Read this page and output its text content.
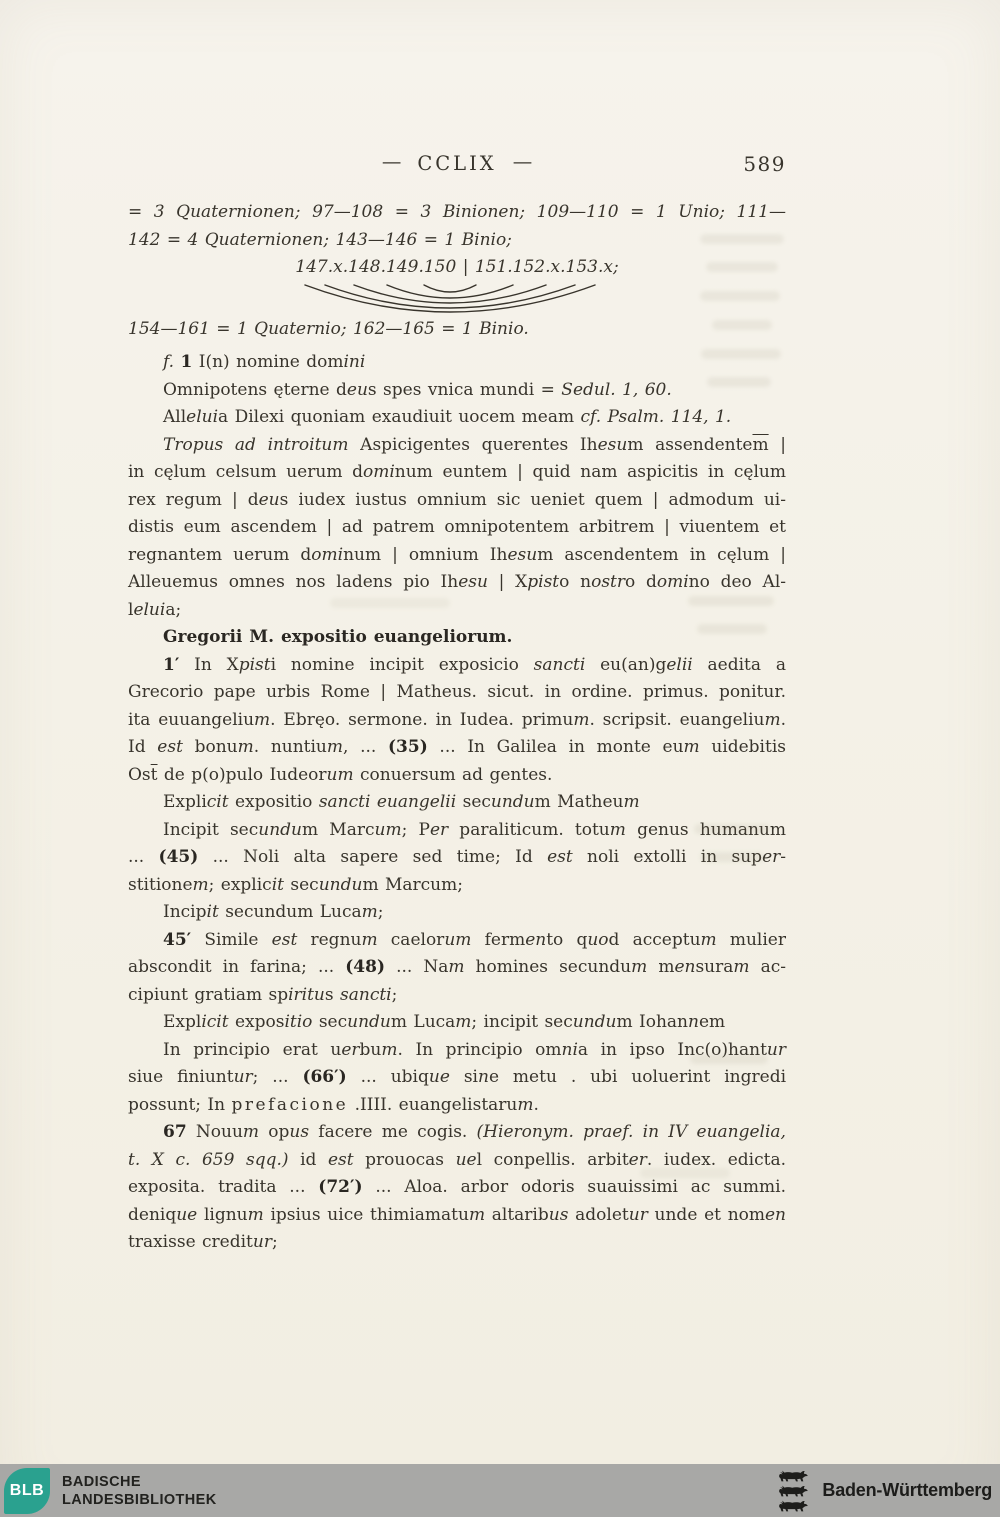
— CCLIX —	589
= 3 Quaternionen; 97—108 = 3 Binionen; 109—110 = 1 Unio; 111—
142 = 4 Quaternionen; 143—146 = 1 Binio;
147.x.148.149.150 | 151.152.x.153.x;
154—161 = 1 Quaternio; 162—165 = 1 Binio.
f. 1 I(n) nomine domini
Omnipotens ęterne deus spes vnica mundi = Sedul. 1, 60.
Alleluia Dilexi quoniam exaudiuit uocem meam cf. Psalm. 114, 1.
Tropus ad introitum Aspicigentes querentes Ihesum $assendente\overline{m}$ |
in cęlum celsum uerum dominum euntem | quid nam aspicitis in cęlum
rex regum | deus iudex iustus omnium sic ueniet quem | admodum ui-
distis eum ascendem | ad patrem omnipotentem arbitrem | viuentem et
regnantem uerum dominum | omnium Ihesum ascendentem in cęlum |
Alleuemus omnes nos ladens pio Ihesu | Xpisto nostro domino deo Al-
leluia;
Gregorii M. expositio euangeliorum.
1′ In Xpisti nomine incipit exposicio sancti eu(an)gelii aedita a
Grecorio pape urbis Rome | Matheus. sicut. in ordine. primus. ponitur.
ita euuangelium. Ebręo. sermone. in Iudea. primum. scripsit. euangelium.
Id est bonum. nuntium, ... (35) ... In Galilea in monte eum uidebitis
$Os\overline{t}$ de p(o)pulo Iudeorum conuersum ad gentes.
Explicit expositio sancti euangelii secundum Matheum
Incipit secundum Marcum; Per paraliticum. totum genus humanum
... (45) ... Noli alta sapere sed time; Id est noli extolli in super-
stitionem; explicit secundum Marcum;
Incipit secundum Lucam;
45′ Simile est regnum caelorum fermento quod acceptum mulier
abscondit in farina; ... (48) ... Nam homines secundum mensuram ac-
cipiunt gratiam spiritus sancti;
Explicit expositio secundum Lucam; incipit secundum Iohannem
In principio erat uerbum. In principio omnia in ipso Inc(o)hantur
siue finiuntur; ... (66′) ... ubique sine metu . ubi uoluerint ingredi
possunt; In prefacione .IIII. euangelistarum.
67 Nouum opus facere me cogis. (Hieronym. praef. in IV euangelia,
t. X c. 659 sqq.) id est prouocas uel conpellis. arbiter. iudex. edicta.
exposita. tradita ... (72′) ... Aloa. arbor odoris suauissimi ac summi.
denique lignum ipsius uice thimiamatum altaribus adoletur unde et nomen
traxisse creditur;
BLB BADISCHE
LANDESBIBLIOTHEK	Baden-Württemberg
